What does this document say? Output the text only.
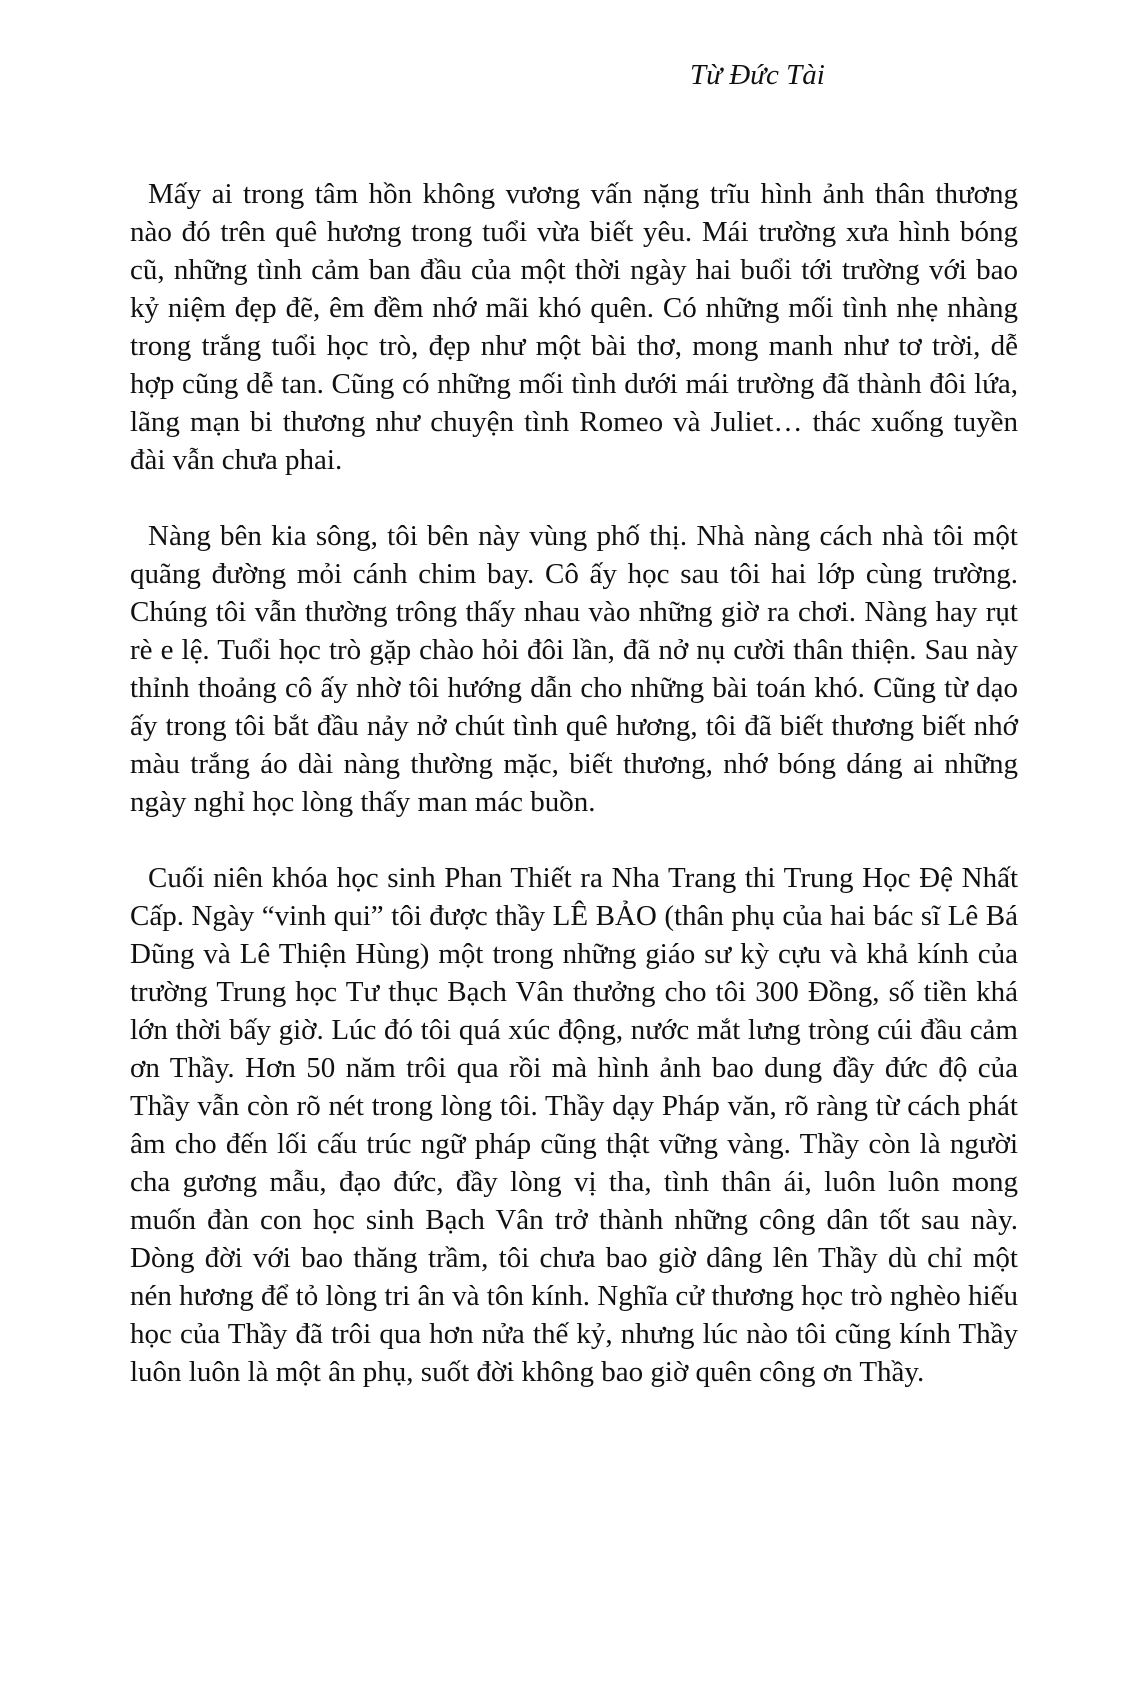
Từ Đức Tài

Mấy ai trong tâm hồn không vương vấn nặng trĩu hình ảnh thân thương nào đó trên quê hương trong tuổi vừa biết yêu. Mái trường xưa hình bóng cũ, những tình cảm ban đầu của một thời ngày hai buổi tới trường với bao kỷ niệm đẹp đẽ, êm đềm nhớ mãi khó quên. Có những mối tình nhẹ nhàng trong trắng tuổi học trò, đẹp như một bài thơ, mong manh như tơ trời, dễ hợp cũng dễ tan. Cũng có những mối tình dưới mái trường đã thành đôi lứa, lãng mạn bi thương như chuyện tình Romeo và Juliet… thác xuống tuyền đài vẫn chưa phai.

Nàng bên kia sông, tôi bên này vùng phố thị. Nhà nàng cách nhà tôi một quãng đường mỏi cánh chim bay. Cô ấy học sau tôi hai lớp cùng trường. Chúng tôi vẫn thường trông thấy nhau vào những giờ ra chơi. Nàng hay rụt rè e lệ. Tuổi học trò gặp chào hỏi đôi lần, đã nở nụ cười thân thiện. Sau này thỉnh thoảng cô ấy nhờ tôi hướng dẫn cho những bài toán khó. Cũng từ dạo ấy trong tôi bắt đầu nảy nở chút tình quê hương, tôi đã biết thương biết nhớ màu trắng áo dài nàng thường mặc, biết thương, nhớ bóng dáng ai những ngày nghỉ học lòng thấy man mác buồn.

Cuối niên khóa học sinh Phan Thiết ra Nha Trang thi Trung Học Đệ Nhất Cấp. Ngày “vinh qui” tôi được thầy LÊ BẢO (thân phụ của hai bác sĩ Lê Bá Dũng và Lê Thiện Hùng) một trong những giáo sư kỳ cựu và khả kính của trường Trung học Tư thục Bạch Vân thưởng cho tôi 300 Đồng, số tiền khá lớn thời bấy giờ. Lúc đó tôi quá xúc động, nước mắt lưng tròng cúi đầu cảm ơn Thầy. Hơn 50 năm trôi qua rồi mà hình ảnh bao dung đầy đức độ của Thầy vẫn còn rõ nét trong lòng tôi. Thầy dạy Pháp văn, rõ ràng từ cách phát âm cho đến lối cấu trúc ngữ pháp cũng thật vững vàng. Thầy còn là người cha gương mẫu, đạo đức, đầy lòng vị tha, tình thân ái, luôn luôn mong muốn đàn con học sinh Bạch Vân trở thành những công dân tốt sau này. Dòng đời với bao thăng trầm, tôi chưa bao giờ dâng lên Thầy dù chỉ một nén hương để tỏ lòng tri ân và tôn kính. Nghĩa cử thương học trò nghèo hiếu học của Thầy đã trôi qua hơn nửa thế kỷ, nhưng lúc nào tôi cũng kính Thầy luôn luôn là một ân phụ, suốt đời không bao giờ quên công ơn Thầy.
